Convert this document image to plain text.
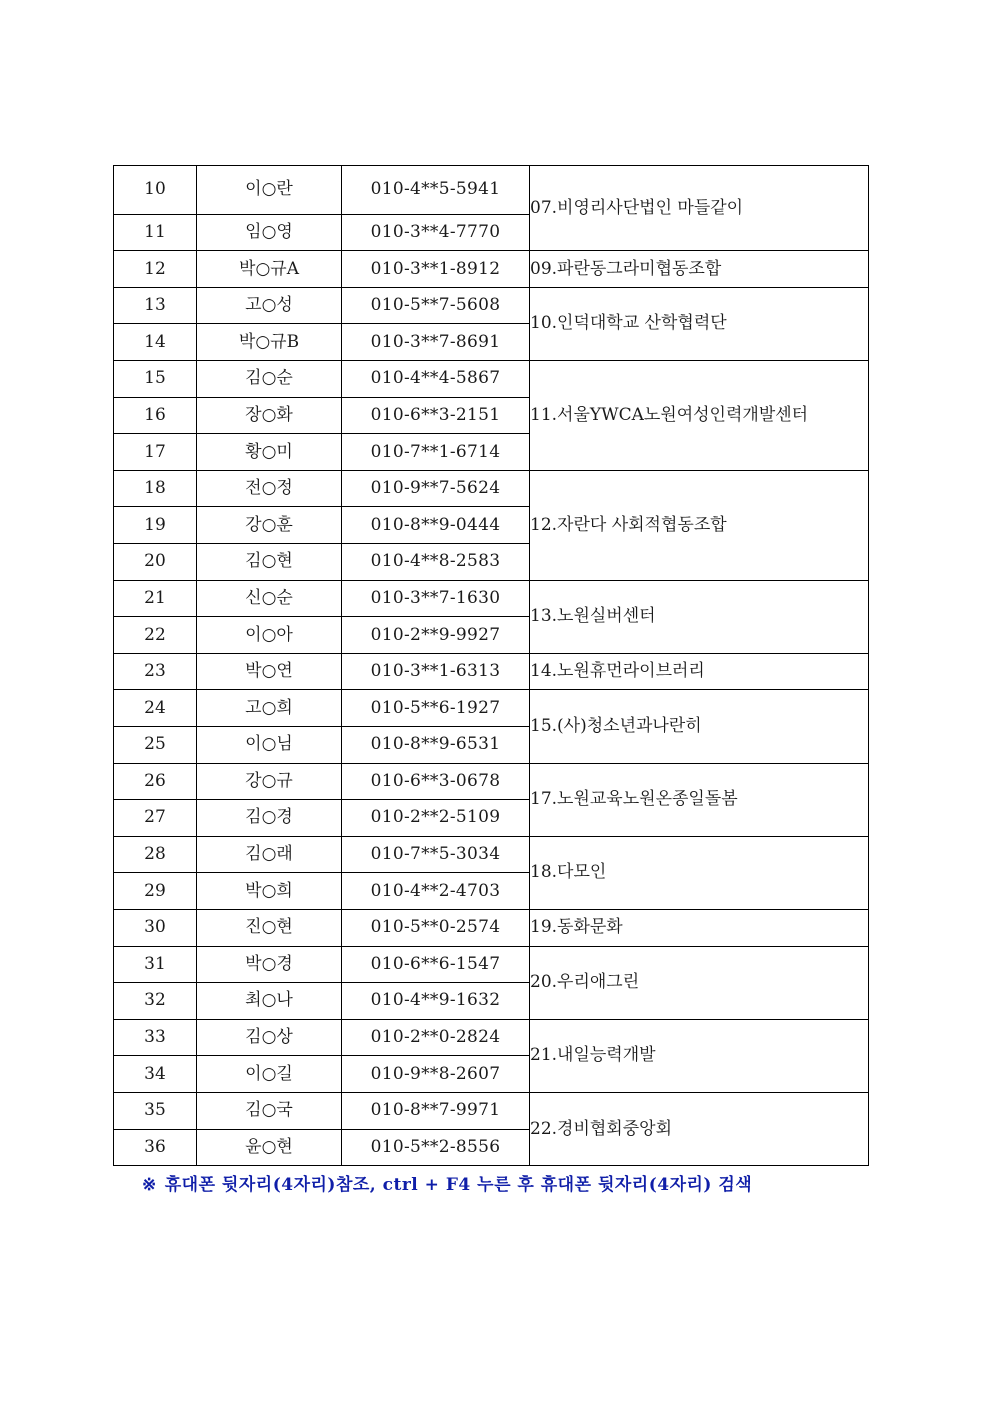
10	이○란	010-4**5-5941	07.비영리사단법인 마들같이
11	임○영	010-3**4-7770	
12	박○규A	010-3**1-8912	09.파란동그라미협동조합
13	고○성	010-5**7-5608	10.인덕대학교 산학협력단
14	박○규B	010-3**7-8691	
15	김○순	010-4**4-5867	11.서울YWCA노원여성인력개발센터
16	장○화	010-6**3-2151	
17	황○미	010-7**1-6714	
18	전○정	010-9**7-5624	12.자란다 사회적협동조합
19	강○훈	010-8**9-0444	
20	김○현	010-4**8-2583	
21	신○순	010-3**7-1630	13.노원실버센터
22	이○아	010-2**9-9927	
23	박○연	010-3**1-6313	14.노원휴먼라이브러리
24	고○희	010-5**6-1927	15.(사)청소년과나란히
25	이○님	010-8**9-6531	
26	강○규	010-6**3-0678	17.노원교육노원온종일돌봄
27	김○경	010-2**2-5109	
28	김○래	010-7**5-3034	18.다모인
29	박○희	010-4**2-4703	
30	진○현	010-5**0-2574	19.동화문화
31	박○경	010-6**6-1547	20.우리애그린
32	최○나	010-4**9-1632	
33	김○상	010-2**0-2824	21.내일능력개발
34	이○길	010-9**8-2607	
35	김○국	010-8**7-9971	22.경비협회중앙회
36	윤○현	010-5**2-8556	
※ 휴대폰 뒷자리(4자리)참조, ctrl + F4 누른 후 휴대폰 뒷자리(4자리) 검색
